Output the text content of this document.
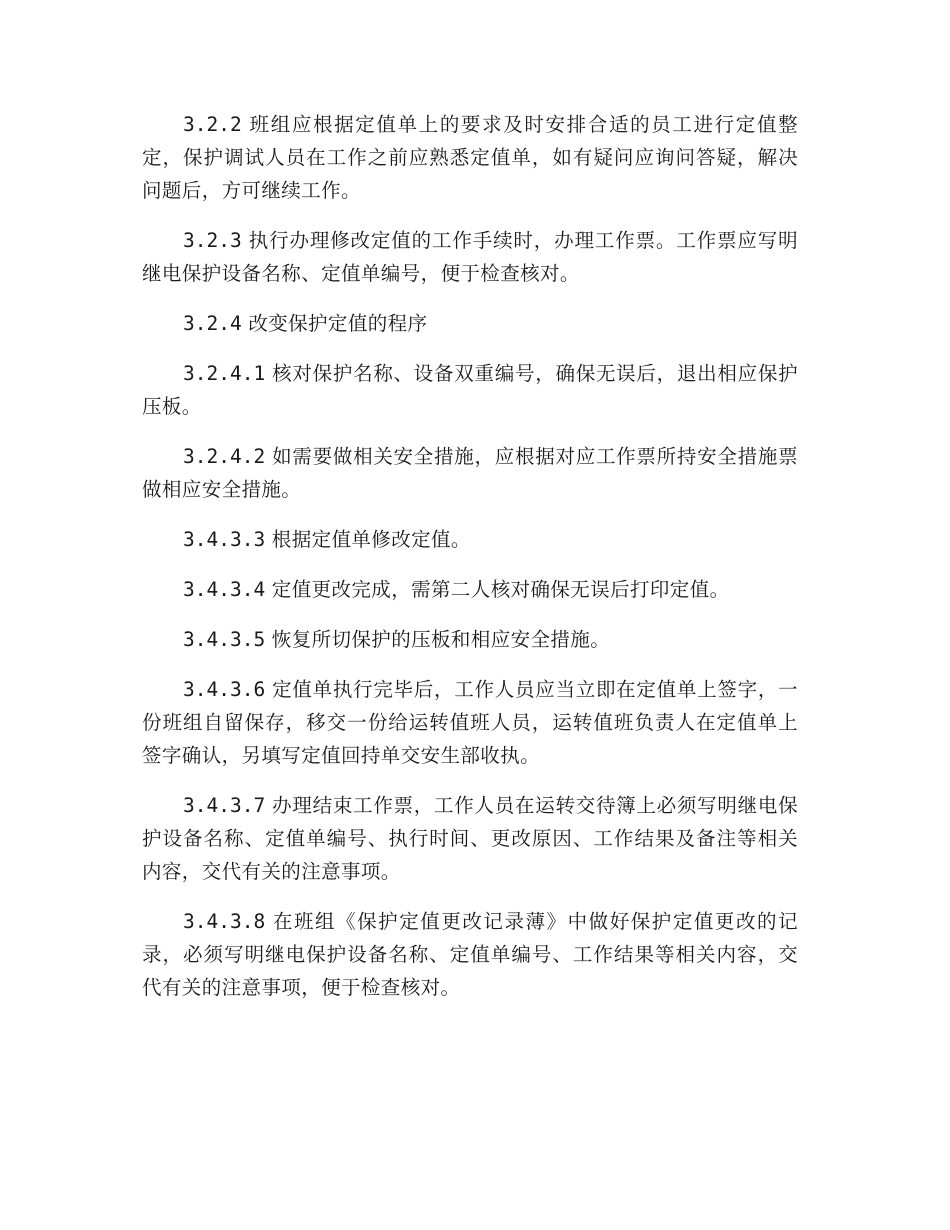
3.2.2 班组应根据定值单上的要求及时安排合适的员工进行定值整定，保护调试人员在工作之前应熟悉定值单，如有疑问应询问答疑，解决问题后，方可继续工作。

3.2.3 执行办理修改定值的工作手续时，办理工作票。工作票应写明继电保护设备名称、定值单编号，便于检查核对。

3.2.4 改变保护定值的程序

3.2.4.1 核对保护名称、设备双重编号，确保无误后，退出相应保护压板。

3.2.4.2 如需要做相关安全措施，应根据对应工作票所持安全措施票做相应安全措施。

3.4.3.3 根据定值单修改定值。

3.4.3.4 定值更改完成，需第二人核对确保无误后打印定值。

3.4.3.5 恢复所切保护的压板和相应安全措施。

3.4.3.6 定值单执行完毕后，工作人员应当立即在定值单上签字，一份班组自留保存，移交一份给运转值班人员，运转值班负责人在定值单上签字确认，另填写定值回持单交安生部收执。

3.4.3.7 办理结束工作票，工作人员在运转交待簿上必须写明继电保护设备名称、定值单编号、执行时间、更改原因、工作结果及备注等相关内容，交代有关的注意事项。

3.4.3.8 在班组《保护定值更改记录薄》中做好保护定值更改的记录，必须写明继电保护设备名称、定值单编号、工作结果等相关内容，交代有关的注意事项，便于检查核对。
